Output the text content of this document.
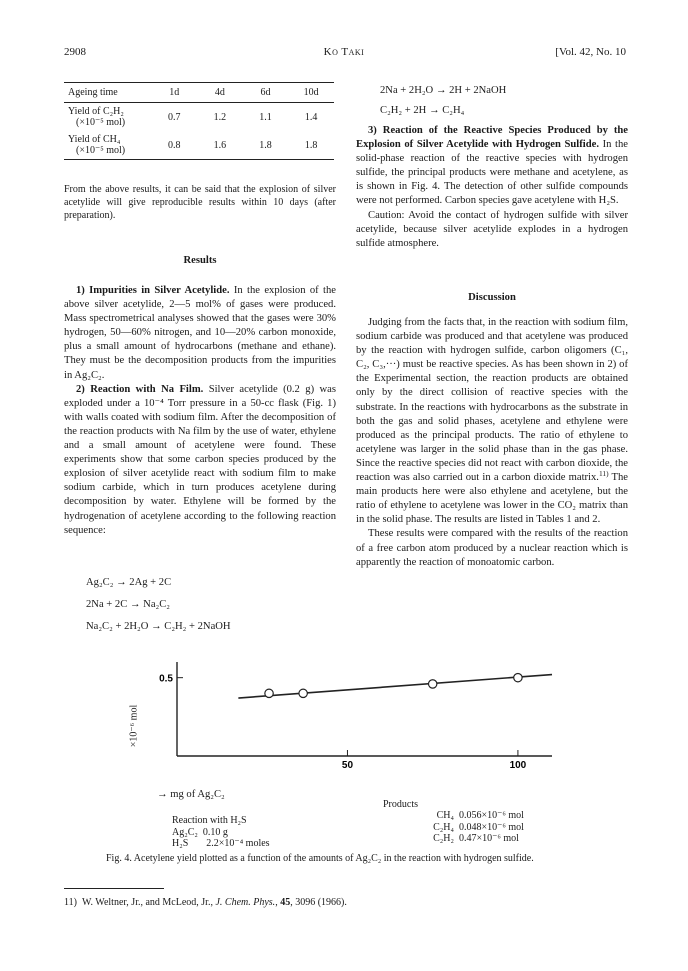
2908	Ko Taki	[Vol. 42, No. 10
Ageing time	1d	4d	6d	10d

Yield of C₂H₂
(×10⁻⁵ mol)	0.7	1.2	1.1	1.4

Yield of CH₄
(×10⁻⁵ mol)	0.8	1.6	1.8	1.8
From the above results, it can be said that the explosion of silver acetylide will give reproducible results within 10 days (after preparation).
Results

1) Impurities in Silver Acetylide. In the explosion of the above silver acetylide, 2—5 mol% of gases were produced. Mass spectrometrical analyses showed that the gases were 30% hydrogen, 50—60% nitrogen, and 10—20% carbon monoxide, plus a small amount of hydrocarbons (methane and ethane). They must be the decomposition products from the impurities in Ag₂C₂.

2) Reaction with Na Film. Silver acetylide (0.2 g) was exploded under a 10⁻⁴ Torr pressure in a 50-cc flask (Fig. 1) with walls coated with sodium film. After the decomposition of the reaction products with Na film by the use of water, ethylene and a small amount of acetylene were found. These experiments show that some carbon species produced by the explosion of silver acetylide react with sodium film to make sodium carbide, which in turn produces acetylene during decomposition by water. Ethylene will be formed by the hydrogenation of acetylene according to the following reaction sequence:

Ag₂C₂ → 2Ag + 2C
2Na + 2C → Na₂C₂
Na₂C₂ + 2H₂O → C₂H₂ + 2NaOH
2Na + 2H₂O → 2H + 2NaOH
C₂H₂ + 2H → C₂H₄

3) Reaction of the Reactive Species Produced by the Explosion of Silver Acetylide with Hydrogen Sulfide. In the solid-phase reaction of the reactive species with hydrogen sulfide, the principal products were methane and acetylene, as is shown in Fig. 4. The detection of other sulfide compounds were not performed. Carbon species gave acetylene with H₂S.

Caution: Avoid the contact of hydrogen sulfide with silver acetylide, because silver acetylide explodes in a hydrogen sulfide atmosphere.

Discussion

Judging from the facts that, in the reaction with sodium film, sodium carbide was produced and that acetylene was produced by the reaction with hydrogen sulfide, carbon oligomers (C₁, C₂, C₃,···) must be reactive species. As has been shown in 2) of the Experimental section, the reaction products are obtained only by the direct collision of reactive species with the substrate. In the reactions with hydrocarbons as the substrate in both the gas and solid phases, acetylene and ethylene were produced as the principal products. The ratio of ethylene to acetylene was larger in the solid phase than in the gas phase. Since the reactive species did not react with carbon dioxide, the reaction was also carried out in a carbon dioxide matrix.$^{11)}$ The main products here were also ethylene and acetylene, but the ratio of ethylene to acetylene was lower in the CO₂ matrix than in the solid phase. The results are listed in Tables 1 and 2.

These results were compared with the results of the reaction of a free carbon atom produced by a nuclear reaction which is apparently the reaction of monoatomic carbon.

0.5
50	100
×10⁻⁶ mol
→ mg of Ag₂C₂
Reaction with H₂S
Ag₂C₂ 0.10 g
H₂S 2.2×10⁻⁴ moles
Products
CH₄ 0.056×10⁻⁶ mol
C₂H₄ 0.048×10⁻⁶ mol
C₂H₂ 0.47×10⁻⁶ mol
Fig. 4. Acetylene yield plotted as a function of the amounts of Ag₂C₂ in the reaction with hydrogen sulfide.
11) W. Weltner, Jr., and McLeod, Jr., J. Chem. Phys., 45, 3096 (1966).
